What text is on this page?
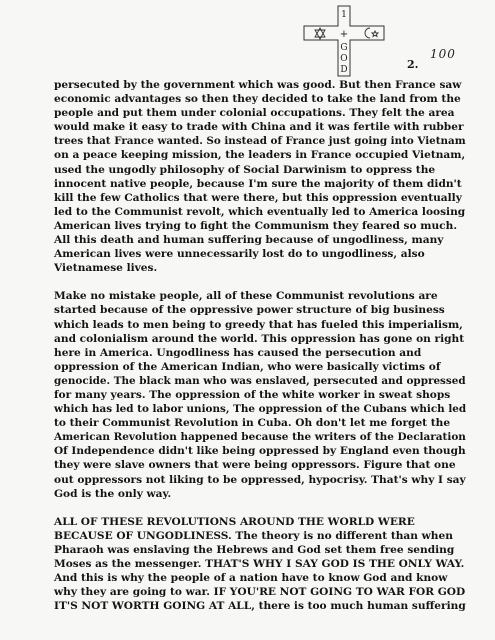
1
+
G
O
D
100
2.

persecuted by the government which was good. But then France saw
economic advantages so then they decided to take the land from the
people and put them under colonial occupations. They felt the area
would make it easy to trade with China and it was fertile with rubber
trees that France wanted. So instead of France just going into Vietnam
on a peace keeping mission, the leaders in France occupied Vietnam,
used the ungodly philosophy of Social Darwinism to oppress the
innocent native people, because I'm sure the majority of them didn't
kill the few Catholics that were there, but this oppression eventually
led to the Communist revolt, which eventually led to America loosing
American lives trying to fight the Communism they feared so much.
All this death and human suffering because of ungodliness, many
American lives were unnecessarily lost do to ungodliness, also
Vietnamese lives.

Make no mistake people, all of these Communist revolutions are
started because of the oppressive power structure of big business
which leads to men being to greedy that has fueled this imperialism,
and colonialism around the world. This oppression has gone on right
here in America. Ungodliness has caused the persecution and
oppression of the American Indian, who were basically victims of
genocide. The black man who was enslaved, persecuted and oppressed
for many years. The oppression of the white worker in sweat shops
which has led to labor unions, The oppression of the Cubans which led
to their Communist Revolution in Cuba. Oh don't let me forget the
American Revolution happened because the writers of the Declaration
Of Independence didn't like being oppressed by England even though
they were slave owners that were being oppressors. Figure that one
out oppressors not liking to be oppressed, hypocrisy. That's why I say
God is the only way.

ALL OF THESE REVOLUTIONS AROUND THE WORLD WERE
BECAUSE OF UNGODLINESS. The theory is no different than when
Pharaoh was enslaving the Hebrews and God set them free sending
Moses as the messenger. THAT'S WHY I SAY GOD IS THE ONLY WAY.
And this is why the people of a nation have to know God and know
why they are going to war. IF YOU'RE NOT GOING TO WAR FOR GOD
IT'S NOT WORTH GOING AT ALL, there is too much human suffering
